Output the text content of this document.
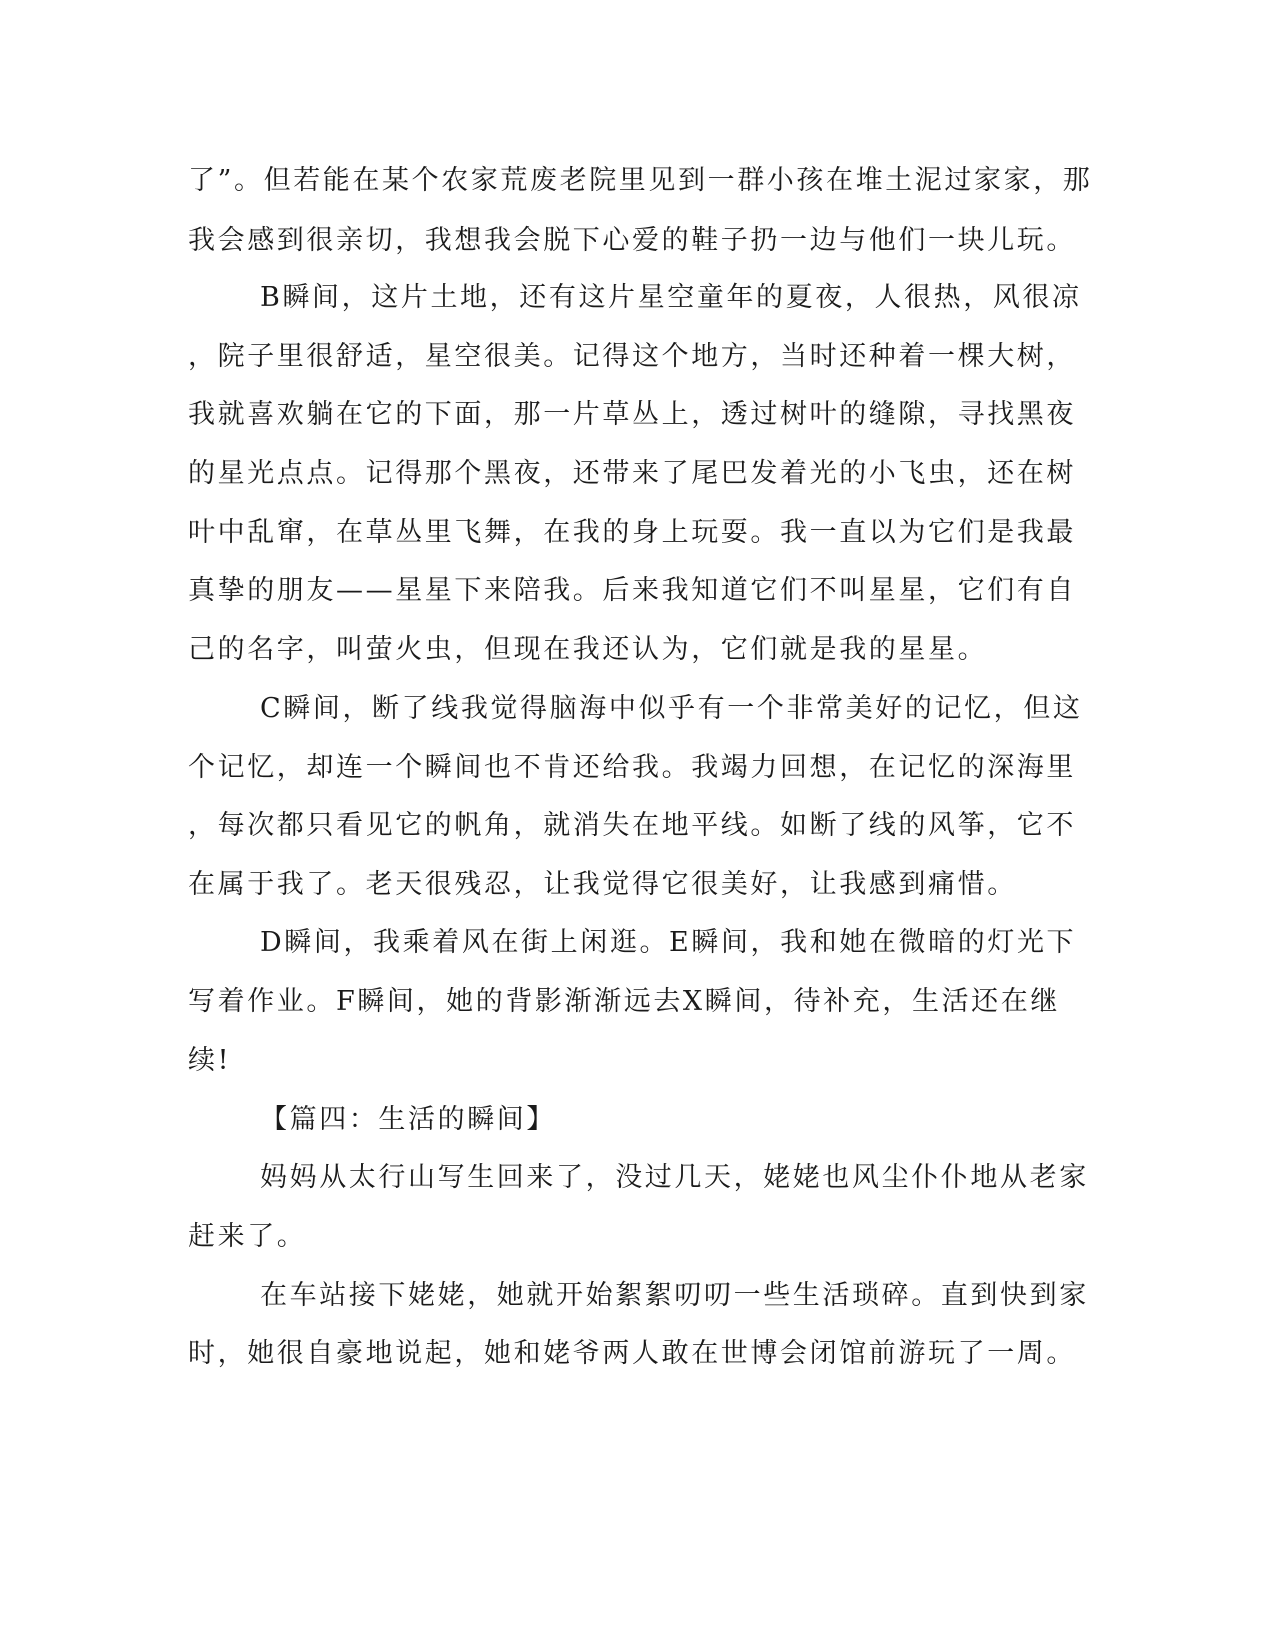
了”。但若能在某个农家荒废老院里见到一群小孩在堆土泥过家家，那
我会感到很亲切，我想我会脱下心爱的鞋子扔一边与他们一块儿玩。
B瞬间，这片土地，还有这片星空童年的夏夜，人很热，风很凉
，院子里很舒适，星空很美。记得这个地方，当时还种着一棵大树，
我就喜欢躺在它的下面，那一片草丛上，透过树叶的缝隙，寻找黑夜
的星光点点。记得那个黑夜，还带来了尾巴发着光的小飞虫，还在树
叶中乱窜，在草丛里飞舞，在我的身上玩耍。我一直以为它们是我最
真挚的朋友——星星下来陪我。后来我知道它们不叫星星，它们有自
己的名字，叫萤火虫，但现在我还认为，它们就是我的星星。
C瞬间，断了线我觉得脑海中似乎有一个非常美好的记忆，但这
个记忆，却连一个瞬间也不肯还给我。我竭力回想，在记忆的深海里
，每次都只看见它的帆角，就消失在地平线。如断了线的风筝，它不
在属于我了。老天很残忍，让我觉得它很美好，让我感到痛惜。
D瞬间，我乘着风在街上闲逛。E瞬间，我和她在微暗的灯光下
写着作业。F瞬间，她的背影渐渐远去X瞬间，待补充，生活还在继
续!
【篇四：生活的瞬间】
妈妈从太行山写生回来了，没过几天，姥姥也风尘仆仆地从老家
赶来了。
在车站接下姥姥，她就开始絮絮叨叨一些生活琐碎。直到快到家
时，她很自豪地说起，她和姥爷两人敢在世博会闭馆前游玩了一周。
